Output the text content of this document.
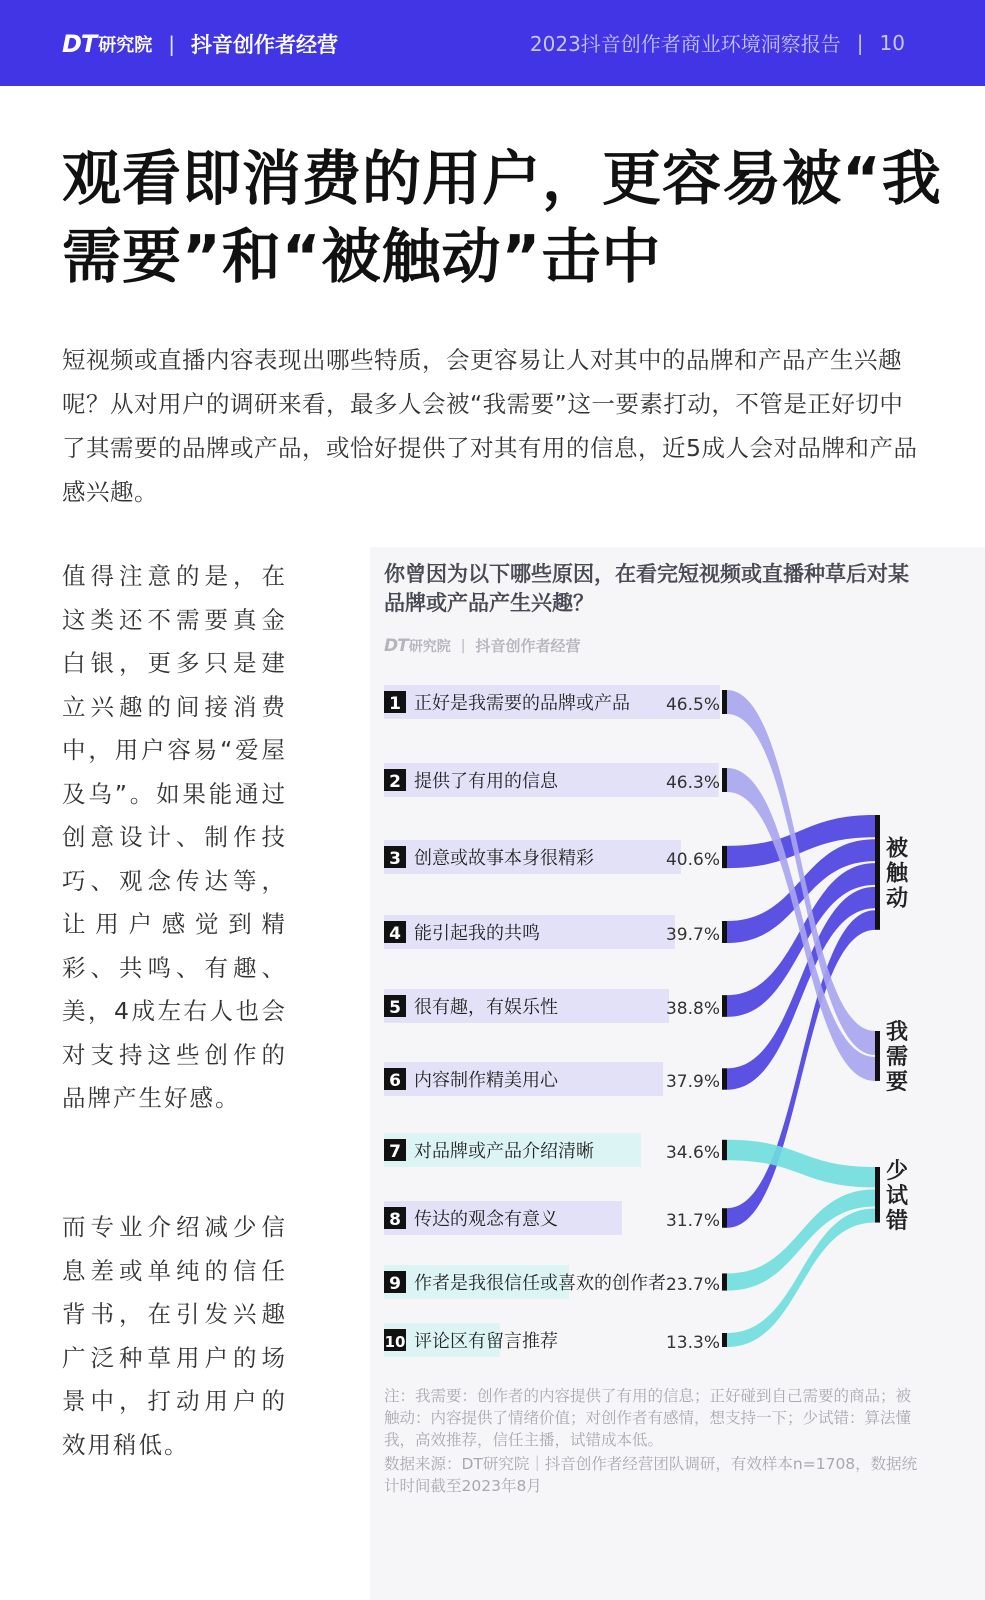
DT 研究院 | 抖音创作者经营	2023抖音创作者商业环境洞察报告 | 10
观看即消费的用户，更容易被“我需要”和“被触动”击中

短视频或直播内容表现出哪些特质，会更容易让人对其中的品牌和产品产生兴趣呢？从对用户的调研来看，最多人会被“我需要”这一要素打动，不管是正好切中了其需要的品牌或产品，或恰好提供了对其有用的信息，近5成人会对品牌和产品感兴趣。

值得注意的是，在这类还不需要真金白银，更多只是建立兴趣的间接消费中，用户容易“爱屋及乌”。如果能通过创意设计、制作技巧、观念传达等，让用户感觉到精彩、共鸣、有趣、美，4成左右人也会对支持这些创作的品牌产生好感。

而专业介绍减少信息差或单纯的信任背书，在引发兴趣广泛种草用户的场景中，打动用户的效用稍低。

你曾因为以下哪些原因，在看完短视频或直播种草后对某品牌或产品产生兴趣？

DT 研究院 | 抖音创作者经营
1 正好是我需要的品牌或产品 46.5%
2 提供了有用的信息	46.3%
3 创意或故事本身很精彩	40.6%
4 能引起我的共鸣	39.7%
5 很有趣，有娱乐性	38.8%
6 内容制作精美用心	37.9%
7 对品牌或产品介绍清晰	34.6%
8 传达的观念有意义	31.7%
9 作者是我很信任或喜欢的创作者 23.7%
10 评论区有留言推荐	13.3%
被
触
动
我
需
要
少
试
错

注：我需要：创作者的内容提供了有用的信息；正好碰到自己需要的商品；被触动：内容提供了情绪价值；对创作者有感情，想支持一下；少试错：算法懂我，高效推荐，信任主播，试错成本低。

数据来源：DT研究院｜抖音创作者经营团队调研，有效样本n=1708，数据统计时间截至2023年8月
